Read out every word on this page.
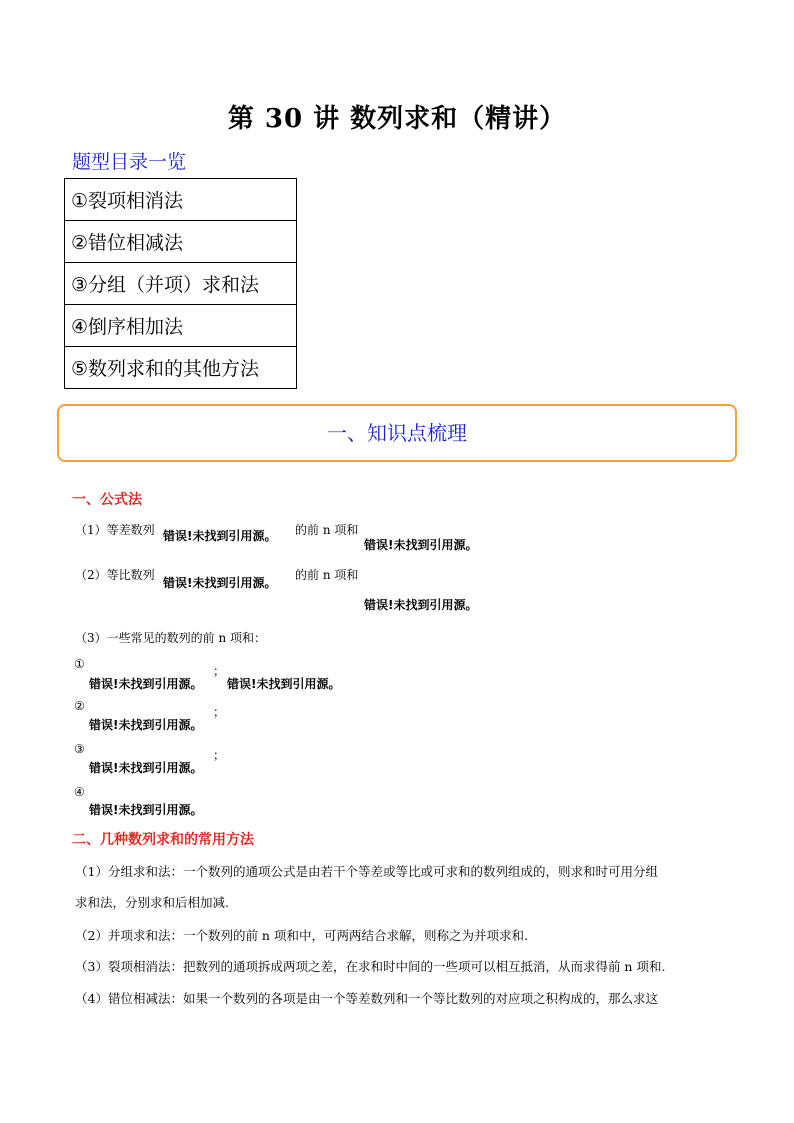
第 30 讲 数列求和（精讲）
题型目录一览
①裂项相消法
②错位相减法
③分组（并项）求和法
④倒序相加法
⑤数列求和的其他方法
一、知识点梳理
一、公式法
（1）等差数列 错误!未找到引用源。 的前 n 项和
错误!未找到引用源。
（2）等比数列
错误!未找到引用源。
的前 n 项和
错误!未找到引用源。
（3）一些常见的数列的前 n 项和：
①	；
错误!未找到引用源。 错误!未找到引用源。
②	；
错误!未找到引用源。
③	；
错误!未找到引用源。
④
错误!未找到引用源。
二、几种数列求和的常用方法
（1）分组求和法：一个数列的通项公式是由若干个等差或等比或可求和的数列组成的，则求和时可用分组
求和法，分别求和后相加减.
（2）并项求和法：一个数列的前 n 项和中，可两两结合求解，则称之为并项求和.
（3）裂项相消法：把数列的通项拆成两项之差，在求和时中间的一些项可以相互抵消，从而求得前 n 项和.
（4）错位相减法：如果一个数列的各项是由一个等差数列和一个等比数列的对应项之积构成的，那么求这
